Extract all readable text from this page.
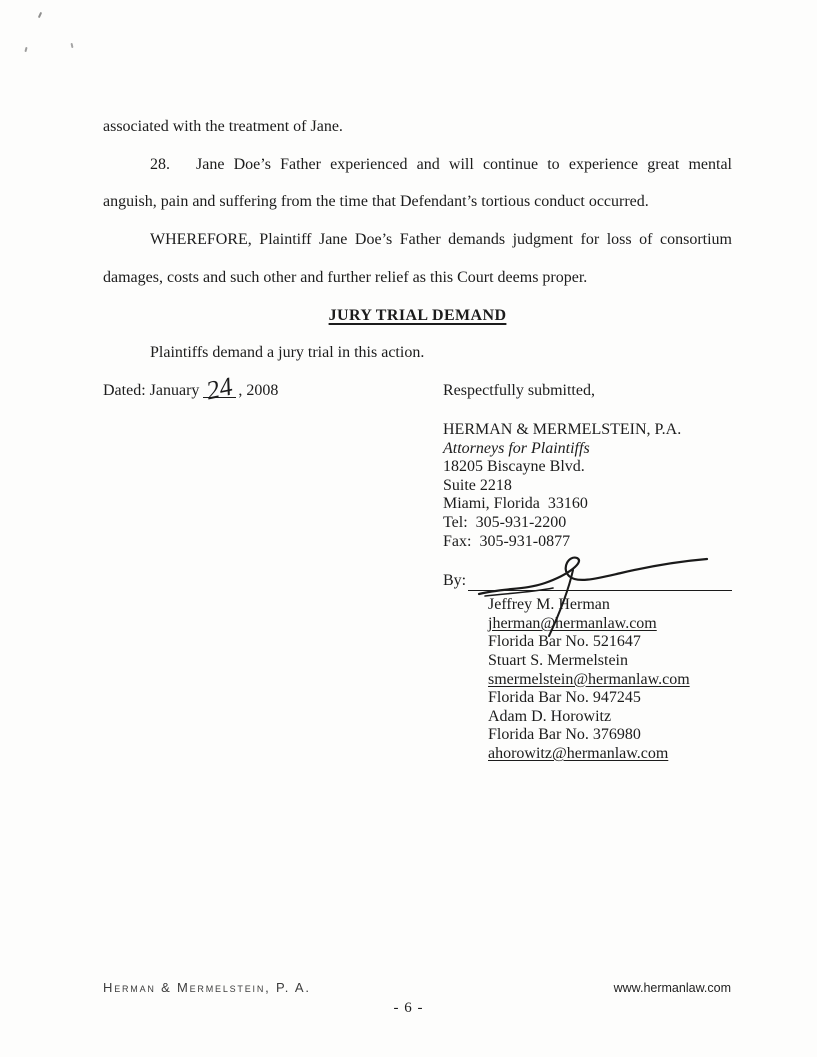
associated with the treatment of Jane.

28. Jane Doe’s Father experienced and will continue to experience great mental anguish, pain and suffering from the time that Defendant’s tortious conduct occurred.

WHEREFORE, Plaintiff Jane Doe’s Father demands judgment for loss of consortium damages, costs and such other and further relief as this Court deems proper.

JURY TRIAL DEMAND

Plaintiffs demand a jury trial in this action.

Dated: January 24 , 2008	Respectfully submitted,

HERMAN & MERMELSTEIN, P.A.
Attorneys for Plaintiffs
18205 Biscayne Blvd.
Suite 2218
Miami, Florida  33160
Tel:  305-931-2200
Fax:  305-931-0877
By:
Jeffrey M. Herman
jherman@hermanlaw.com
Florida Bar No. 521647
Stuart S. Mermelstein
smermelstein@hermanlaw.com
Florida Bar No. 947245
Adam D. Horowitz
Florida Bar No. 376980
ahorowitz@hermanlaw.com
Herman & Mermelstein, P. A.	www.hermanlaw.com
- 6 -
